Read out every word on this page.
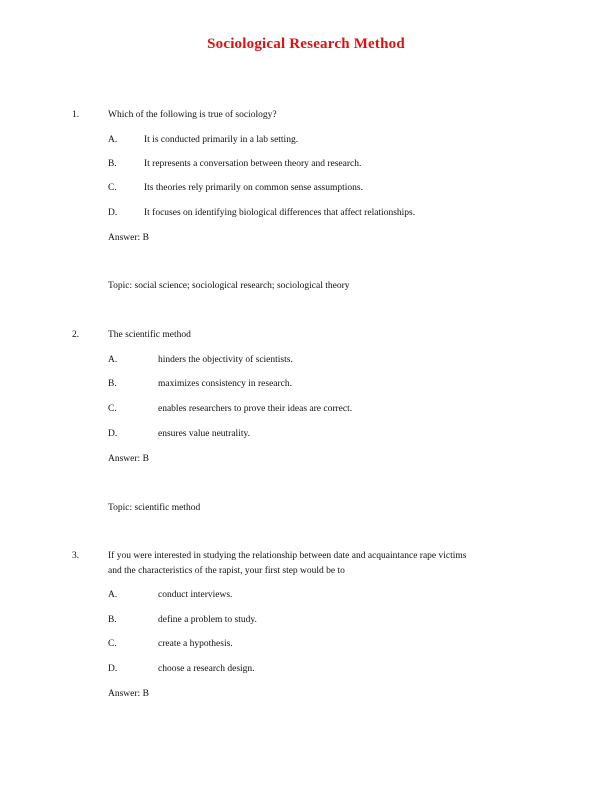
Sociological Research Method
1.	Which of the following is true of sociology?
A.	It is conducted primarily in a lab setting.
B.	It represents a conversation between theory and research.
C.	Its theories rely primarily on common sense assumptions.
D.	It focuses on identifying biological differences that affect relationships.
Answer: B
Topic: social science; sociological research; sociological theory
2.	The scientific method
A.	hinders the objectivity of scientists.
B.	maximizes consistency in research.
C.	enables researchers to prove their ideas are correct.
D.	ensures value neutrality.
Answer: B
Topic: scientific method
3.	If you were interested in studying the relationship between date and acquaintance rape victims
and the characteristics of the rapist, your first step would be to
A.	conduct interviews.
B.	define a problem to study.
C.	create a hypothesis.
D.	choose a research design.
Answer: B
